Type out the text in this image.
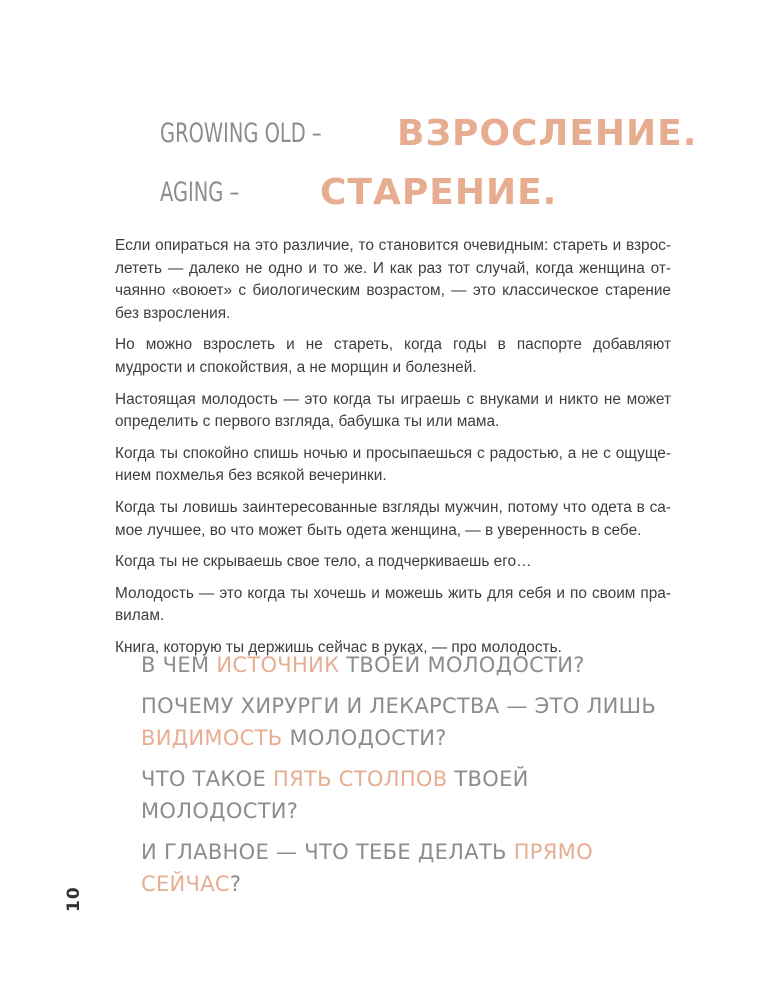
GROWING OLD – ВЗРОСЛЕНИЕ.
AGING – СТАРЕНИЕ.

Если опираться на это различие, то становится очевидным: стареть и взрос-лететь — далеко не одно и то же. И как раз тот случай, когда женщина от-чаянно «воюет» с биологическим возрастом, — это классическое старение без взросления.

Но можно взрослеть и не стареть, когда годы в паспорте добавляют мудрости и спокойствия, а не морщин и болезней.

Настоящая молодость — это когда ты играешь с внуками и никто не может определить с первого взгляда, бабушка ты или мама.

Когда ты спокойно спишь ночью и просыпаешься с радостью, а не с ощуще-нием похмелья без всякой вечеринки.

Когда ты ловишь заинтересованные взгляды мужчин, потому что одета в са-мое лучшее, во что может быть одета женщина, — в уверенность в себе.

Когда ты не скрываешь свое тело, а подчеркиваешь его…

Молодость — это когда ты хочешь и можешь жить для себя и по своим пра-вилам.

Книга, которую ты держишь сейчас в руках, — про молодость.

В ЧЕМ ИСТОЧНИК ТВОЕЙ МОЛОДОСТИ?

ПОЧЕМУ ХИРУРГИ И ЛЕКАРСТВА — ЭТО ЛИШЬ ВИДИМОСТЬ МОЛОДОСТИ?

ЧТО ТАКОЕ ПЯТЬ СТОЛПОВ ТВОЕЙ МОЛОДОСТИ?

И ГЛАВНОЕ — ЧТО ТЕБЕ ДЕЛАТЬ ПРЯМО СЕЙЧАС?

10
